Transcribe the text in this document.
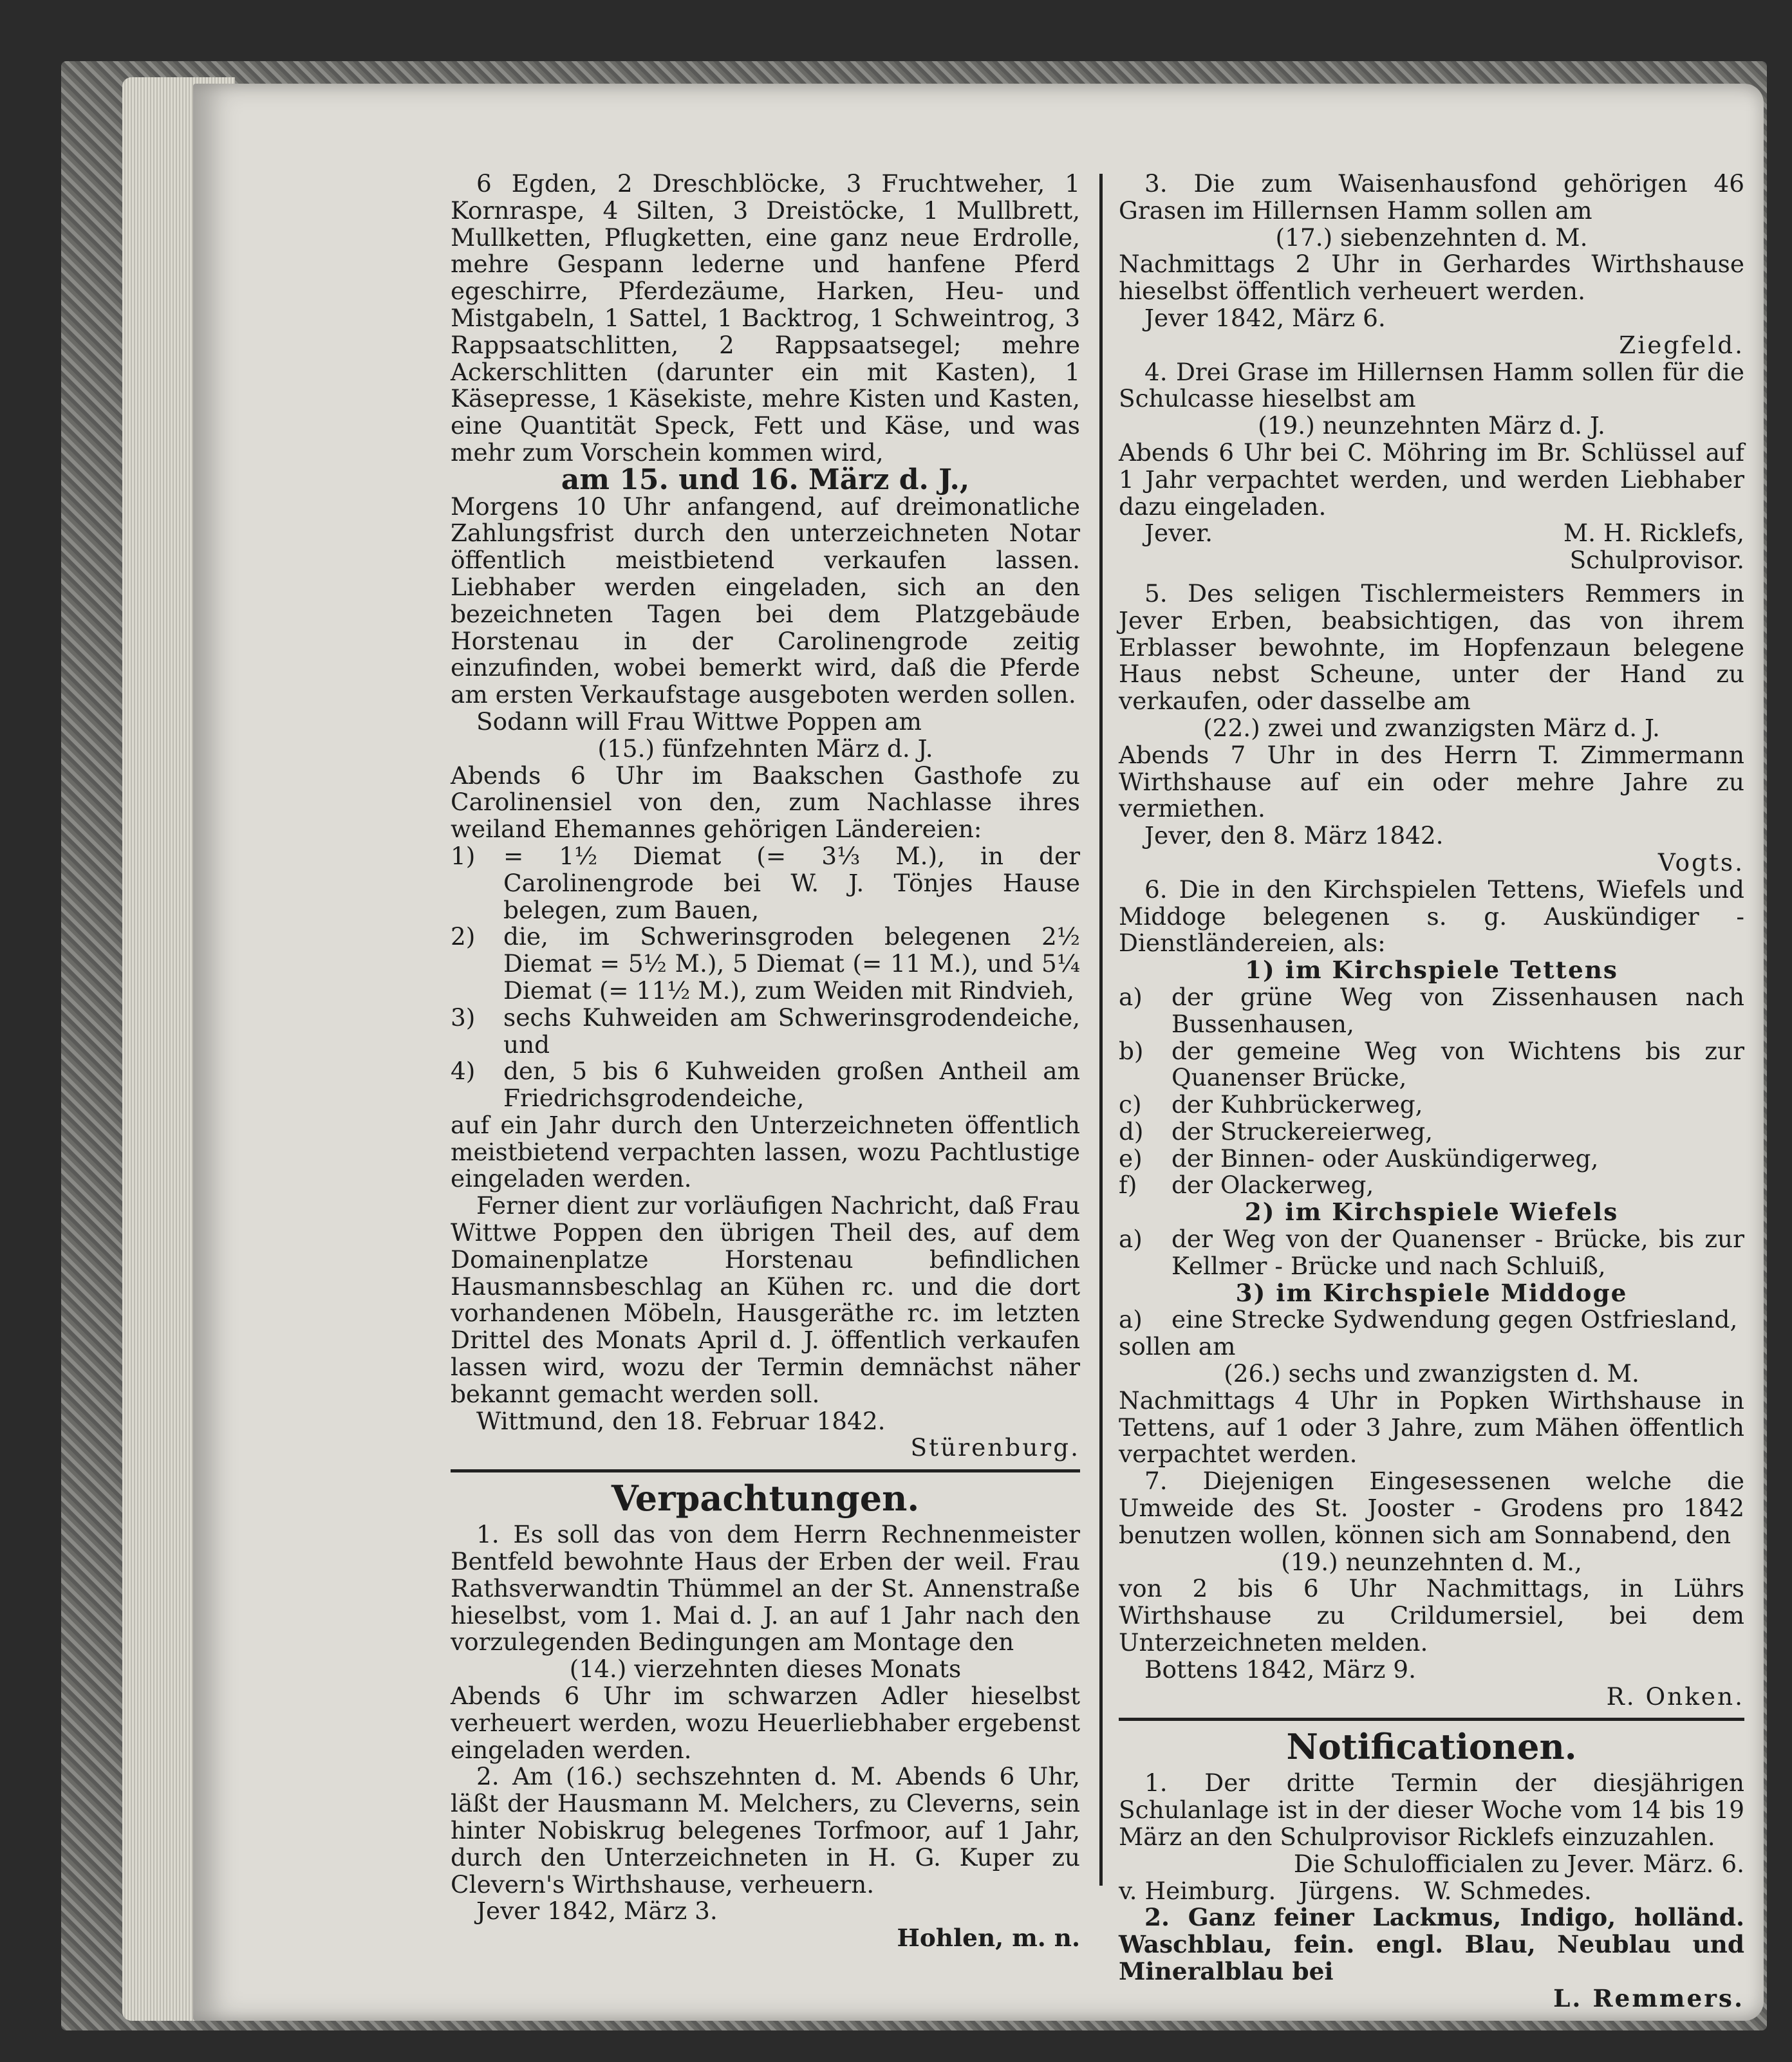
6 Egden, 2 Dreschblöcke, 3 Fruchtweher, 1 Kornraspe, 4 Silten, 3 Dreistöcke, 1 Mullbrett, Mullketten, Pflugketten, eine ganz neue Erdrolle, mehre Gespann lederne und hanfene Pferd egeschirre, Pferdezäume, Harken, Heu- und Mistgabeln, 1 Sattel, 1 Backtrog, 1 Schweintrog, 3 Rappsaatschlitten, 2 Rappsaatsegel; mehre Ackerschlitten (darunter ein mit Kasten), 1 Käsepresse, 1 Käsekiste, mehre Kisten und Kasten, eine Quantität Speck, Fett und Käse, und was mehr zum Vorschein kommen wird,

am 15. und 16. März d. J.,

Morgens 10 Uhr anfangend, auf dreimonatliche Zahlungsfrist durch den unterzeichneten Notar öffentlich meistbietend verkaufen lassen. Liebhaber werden eingeladen, sich an den bezeichneten Tagen bei dem Platzgebäude Horstenau in der Carolinengrode zeitig einzufinden, wobei bemerkt wird, daß die Pferde am ersten Verkaufstage ausgeboten werden sollen.

Sodann will Frau Wittwe Poppen am

(15.) fünfzehnten März d. J.

Abends 6 Uhr im Baakschen Gasthofe zu Carolinensiel von den, zum Nachlasse ihres weiland Ehemannes gehörigen Ländereien:

1)	= 1½ Diemat (= 3⅓ M.), in der Carolinengrode bei W. J. Tönjes Hause belegen, zum Bauen,
2)	die, im Schwerinsgroden belegenen 2½ Diemat = 5½ M.), 5 Diemat (= 11 M.), und 5¼ Diemat (= 11½ M.), zum Weiden mit Rindvieh,
3)	sechs Kuhweiden am Schwerinsgrodendeiche, und
4)	den, 5 bis 6 Kuhweiden großen Antheil am Friedrichsgrodendeiche,

auf ein Jahr durch den Unterzeichneten öffentlich meistbietend verpachten lassen, wozu Pachtlustige eingeladen werden.

Ferner dient zur vorläufigen Nachricht, daß Frau Wittwe Poppen den übrigen Theil des, auf dem Domainenplatze Horstenau befindlichen Hausmannsbeschlag an Kühen rc. und die dort vorhandenen Möbeln, Hausgeräthe rc. im letzten Drittel des Monats April d. J. öffentlich verkaufen lassen wird, wozu der Termin demnächst näher bekannt gemacht werden soll.

Wittmund, den 18. Februar 1842.

Stürenburg.

Verpachtungen.

1. Es soll das von dem Herrn Rechnenmeister Bentfeld bewohnte Haus der Erben der weil. Frau Rathsverwandtin Thümmel an der St. Annenstraße hieselbst, vom 1. Mai d. J. an auf 1 Jahr nach den vorzulegenden Bedingungen am Montage den

(14.) vierzehnten dieses Monats

Abends 6 Uhr im schwarzen Adler hieselbst verheuert werden, wozu Heuerliebhaber ergebenst eingeladen werden.

2. Am (16.) sechszehnten d. M. Abends 6 Uhr, läßt der Hausmann M. Melchers, zu Cleverns, sein hinter Nobiskrug belegenes Torfmoor, auf 1 Jahr, durch den Unterzeichneten in H. G. Kuper zu Clevern's Wirthshause, verheuern.

Jever 1842, März 3.

Hohlen, m. n.

3. Die zum Waisenhausfond gehörigen 46 Grasen im Hillernsen Hamm sollen am

(17.) siebenzehnten d. M.

Nachmittags 2 Uhr in Gerhardes Wirthshause hieselbst öffentlich verheuert werden.

Jever 1842, März 6.

Ziegfeld.

4. Drei Grase im Hillernsen Hamm sollen für die Schulcasse hieselbst am

(19.) neunzehnten März d. J.

Abends 6 Uhr bei C. Möhring im Br. Schlüssel auf 1 Jahr verpachtet werden, und werden Liebhaber dazu eingeladen.

Jever.	M. H. Ricklefs,

Schulprovisor.

5. Des seligen Tischlermeisters Remmers in Jever Erben, beabsichtigen, das von ihrem Erblasser bewohnte, im Hopfenzaun belegene Haus nebst Scheune, unter der Hand zu verkaufen, oder dasselbe am

(22.) zwei und zwanzigsten März d. J.

Abends 7 Uhr in des Herrn T. Zimmermann Wirthshause auf ein oder mehre Jahre zu vermiethen.

Jever, den 8. März 1842.

Vogts.

6. Die in den Kirchspielen Tettens, Wiefels und Middoge belegenen s. g. Auskündiger - Dienstländereien, als:

1) im Kirchspiele Tettens

a)	der grüne Weg von Zissenhausen nach Bussenhausen,
b)	der gemeine Weg von Wichtens bis zur Quanenser Brücke,
c)	der Kuhbrückerweg,
d)	der Struckereierweg,
e)	der Binnen- oder Auskündigerweg,
f)	der Olackerweg,

2) im Kirchspiele Wiefels

a)	der Weg von der Quanenser - Brücke, bis zur Kellmer - Brücke und nach Schluiß,

3) im Kirchspiele Middoge

a)	eine Strecke Sydwendung gegen Ostfriesland,

sollen am

(26.) sechs und zwanzigsten d. M.

Nachmittags 4 Uhr in Popken Wirthshause in Tettens, auf 1 oder 3 Jahre, zum Mähen öffentlich verpachtet werden.

7. Diejenigen Eingesessenen welche die Umweide des St. Jooster - Grodens pro 1842 benutzen wollen, können sich am Sonnabend, den

(19.) neunzehnten d. M.,

von 2 bis 6 Uhr Nachmittags, in Lührs Wirthshause zu Crildumersiel, bei dem Unterzeichneten melden.

Bottens 1842, März 9.

R. Onken.

Notificationen.

1. Der dritte Termin der diesjährigen Schulanlage ist in der dieser Woche vom 14 bis 19 März an den Schulprovisor Ricklefs einzuzahlen.

Die Schulofficialen zu Jever. März. 6.

v. Heimburg.   Jürgens.   W. Schmedes.

2. Ganz feiner Lackmus, Indigo, holländ. Waschblau, fein. engl. Blau, Neublau und Mineralblau bei

L. Remmers.
